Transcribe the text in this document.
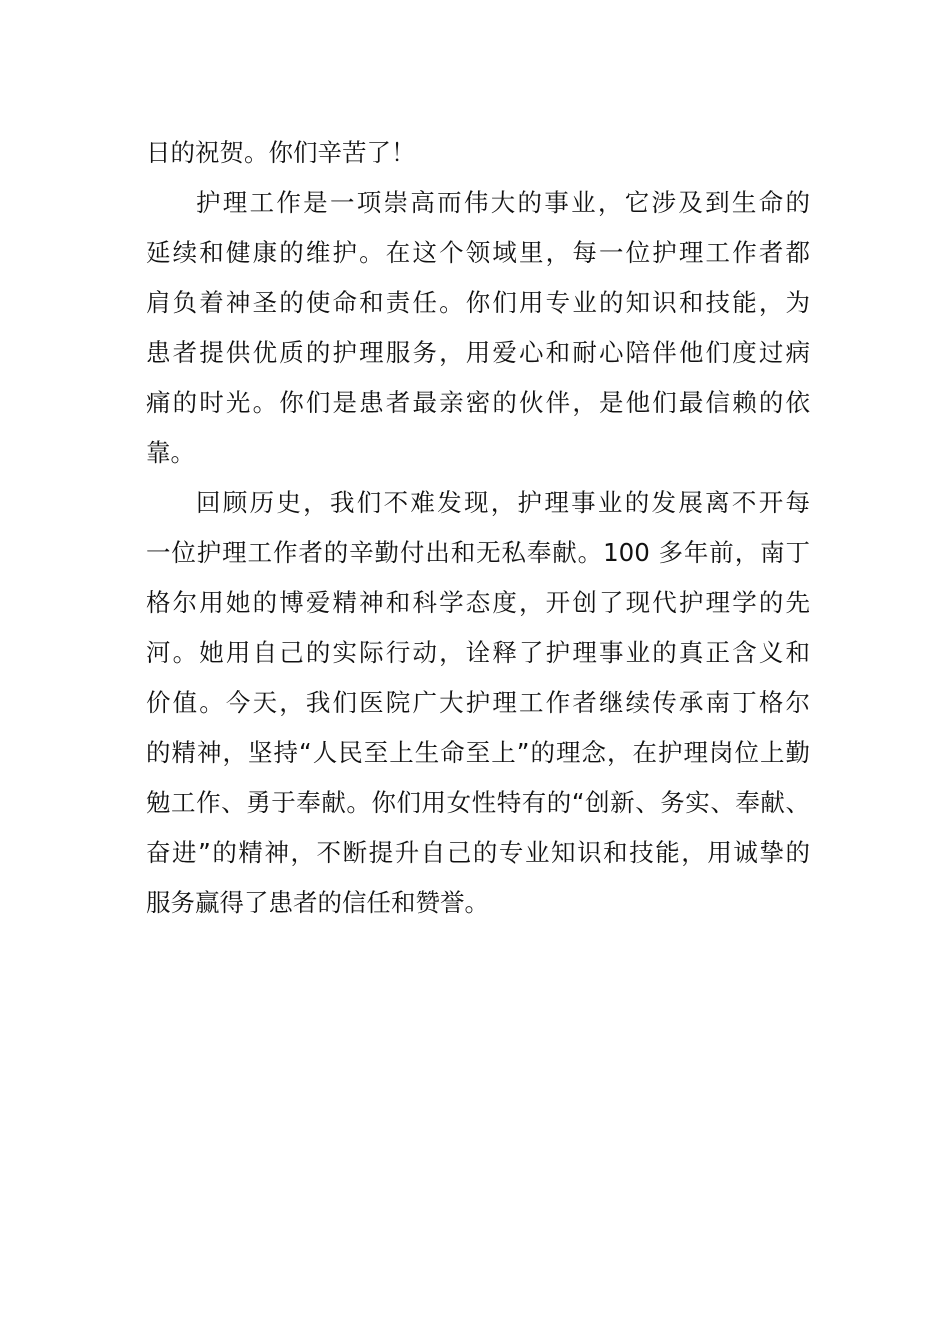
日的祝贺。你们辛苦了！
护理工作是一项崇高而伟大的事业，它涉及到生命的
延续和健康的维护。在这个领域里，每一位护理工作者都
肩负着神圣的使命和责任。你们用专业的知识和技能，为
患者提供优质的护理服务，用爱心和耐心陪伴他们度过病
痛的时光。你们是患者最亲密的伙伴，是他们最信赖的依
靠。
回顾历史，我们不难发现，护理事业的发展离不开每
一位护理工作者的辛勤付出和无私奉献。100 多年前，南丁
格尔用她的博爱精神和科学态度，开创了现代护理学的先
河。她用自己的实际行动，诠释了护理事业的真正含义和
价值。今天，我们医院广大护理工作者继续传承南丁格尔
的精神，坚持“人民至上生命至上”的理念，在护理岗位上勤
勉工作、勇于奉献。你们用女性特有的“创新、务实、奉献、
奋进”的精神，不断提升自己的专业知识和技能，用诚挚的
服务赢得了患者的信任和赞誉。
